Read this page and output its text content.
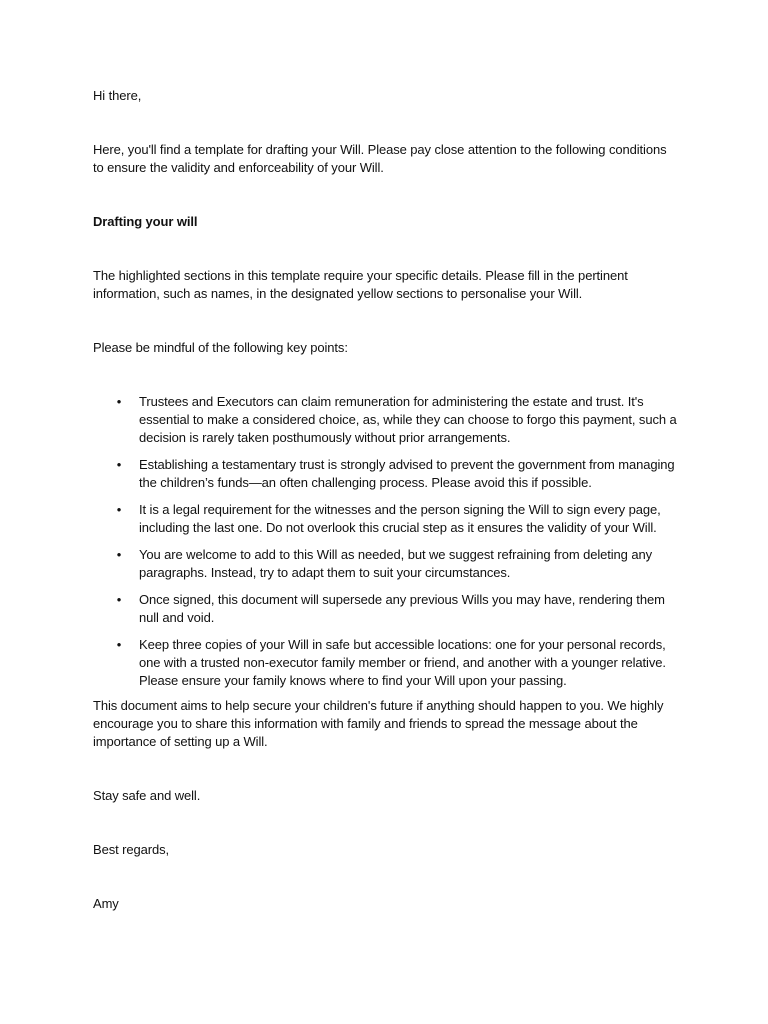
Hi there,

Here, you'll find a template for drafting your Will. Please pay close attention to the following conditions to ensure the validity and enforceability of your Will.

Drafting your will

The highlighted sections in this template require your specific details. Please fill in the pertinent information, such as names, in the designated yellow sections to personalise your Will.

Please be mindful of the following key points:

• Trustees and Executors can claim remuneration for administering the estate and trust. It's essential to make a considered choice, as, while they can choose to forgo this payment, such a decision is rarely taken posthumously without prior arrangements.
• Establishing a testamentary trust is strongly advised to prevent the government from managing the children’s funds—an often challenging process. Please avoid this if possible.
• It is a legal requirement for the witnesses and the person signing the Will to sign every page, including the last one. Do not overlook this crucial step as it ensures the validity of your Will.
• You are welcome to add to this Will as needed, but we suggest refraining from deleting any paragraphs. Instead, try to adapt them to suit your circumstances.
• Once signed, this document will supersede any previous Wills you may have, rendering them null and void.
• Keep three copies of your Will in safe but accessible locations: one for your personal records, one with a trusted non-executor family member or friend, and another with a younger relative. Please ensure your family knows where to find your Will upon your passing.

This document aims to help secure your children's future if anything should happen to you. We highly encourage you to share this information with family and friends to spread the message about the importance of setting up a Will.

Stay safe and well.

Best regards,

Amy
